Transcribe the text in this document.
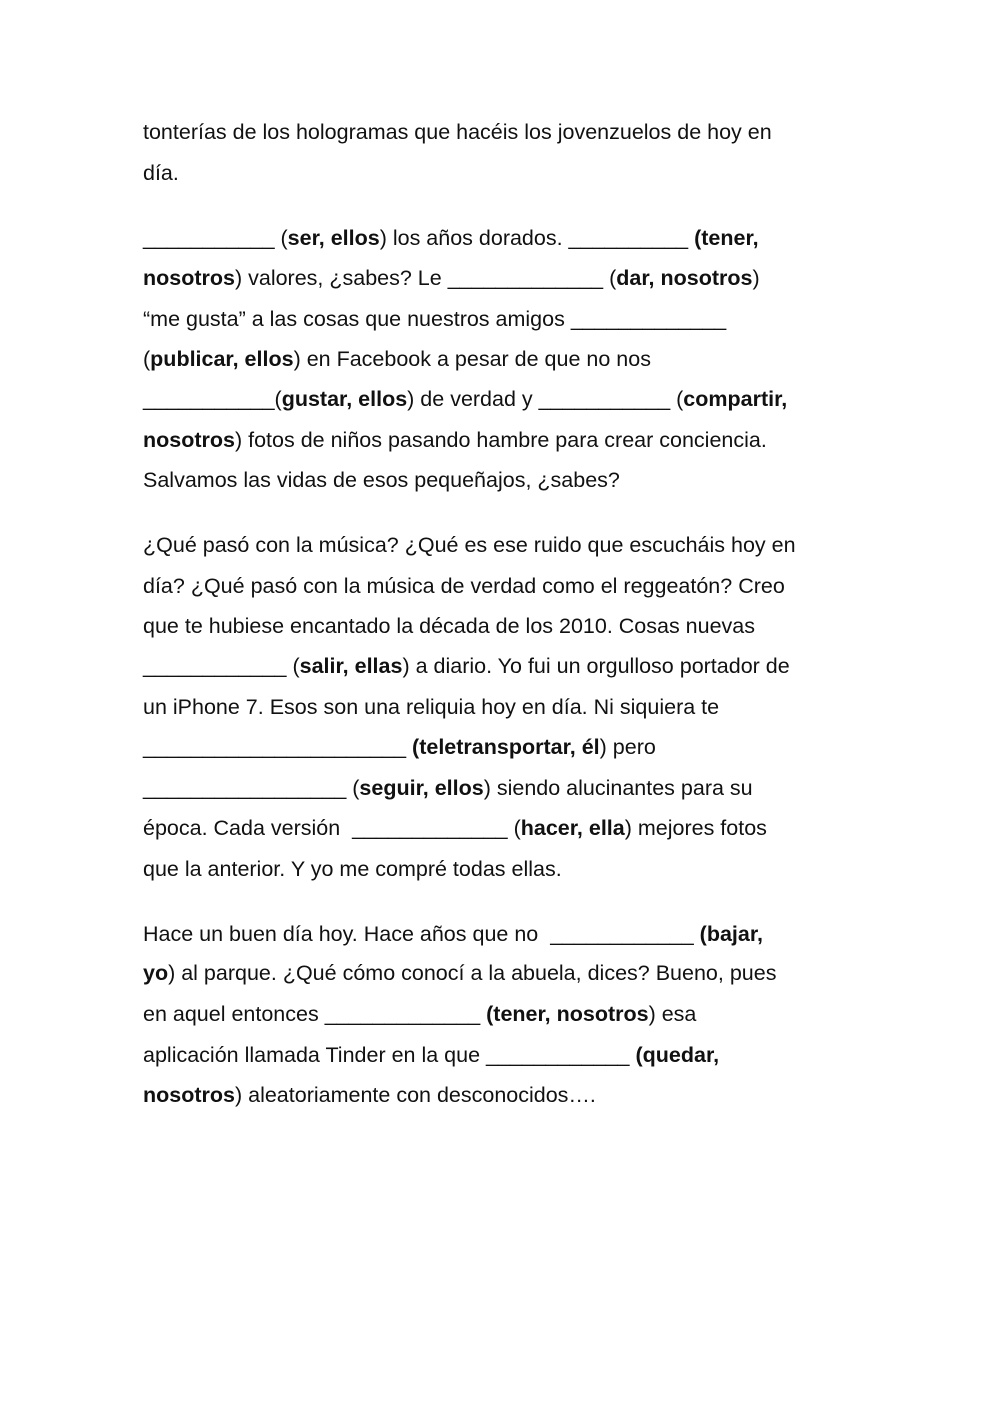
tonterías de los hologramas que hacéis los jovenzuelos de hoy en
día.
___________ (ser, ellos) los años dorados. __________ (tener,
nosotros) valores, ¿sabes? Le _____________ (dar, nosotros)
“me gusta” a las cosas que nuestros amigos _____________
(publicar, ellos) en Facebook a pesar de que no nos
___________(gustar, ellos) de verdad y ___________ (compartir,
nosotros) fotos de niños pasando hambre para crear conciencia.
Salvamos las vidas de esos pequeñajos, ¿sabes?
¿Qué pasó con la música? ¿Qué es ese ruido que escucháis hoy en
día? ¿Qué pasó con la música de verdad como el reggeatón? Creo
que te hubiese encantado la década de los 2010. Cosas nuevas
____________ (salir, ellas) a diario. Yo fui un orgulloso portador de
un iPhone 7. Esos son una reliquia hoy en día. Ni siquiera te
______________________ (teletransportar, él) pero
_________________ (seguir, ellos) siendo alucinantes para su
época. Cada versión  _____________ (hacer, ella) mejores fotos
que la anterior. Y yo me compré todas ellas.
Hace un buen día hoy. Hace años que no  ____________ (bajar,
yo) al parque. ¿Qué cómo conocí a la abuela, dices? Bueno, pues
en aquel entonces _____________ (tener, nosotros) esa
aplicación llamada Tinder en la que ____________ (quedar,
nosotros) aleatoriamente con desconocidos….
